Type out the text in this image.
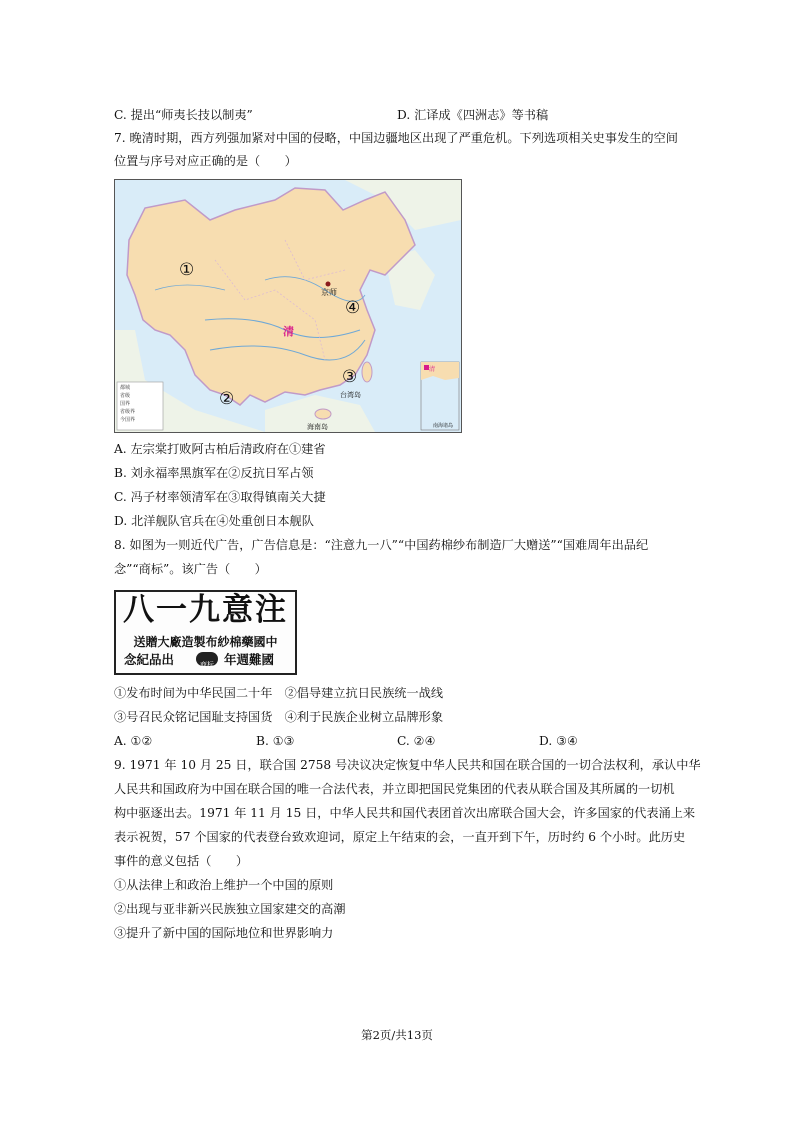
C. 提出“师夷长技以制夷”	D. 汇译成《四洲志》等书稿
7. 晚清时期，西方列强加紧对中国的侵略，中国边疆地区出现了严重危机。下列选项相关史事发生的空间
位置与序号对应正确的是（　　）
①
②
③
④
京师
清
台湾岛
海南岛
都城
省级
国界
省级界
今国界
清
南海诸岛
A. 左宗棠打败阿古柏后清政府在①建省
B. 刘永福率黑旗军在②反抗日军占领
C. 冯子材率领清军在③取得镇南关大捷
D. 北洋舰队官兵在④处重创日本舰队
8. 如图为一则近代广告，广告信息是：“注意九一八”“中国药棉纱布制造厂大赠送”“国难周年出品纪
念”“商标”。该广告（　　）
八一九意注
送贈大廠造製布紗棉藥國中
念紀品出	商标 年週難國
①发布时间为中华民国二十年　②倡导建立抗日民族统一战线
③号召民众铭记国耻支持国货　④利于民族企业树立品牌形象
A. ①②	B. ①③	C. ②④	D. ③④
9. 1971 年 10 月 25 日，联合国 2758 号决议决定恢复中华人民共和国在联合国的一切合法权利，承认中华
人民共和国政府为中国在联合国的唯一合法代表，并立即把国民党集团的代表从联合国及其所属的一切机
构中驱逐出去。1971 年 11 月 15 日，中华人民共和国代表团首次出席联合国大会，许多国家的代表涌上来
表示祝贺，57 个国家的代表登台致欢迎词，原定上午结束的会，一直开到下午，历时约 6 个小时。此历史
事件的意义包括（　　）
①从法律上和政治上维护一个中国的原则
②出现与亚非新兴民族独立国家建交的高潮
③提升了新中国的国际地位和世界影响力
第2页/共13页
